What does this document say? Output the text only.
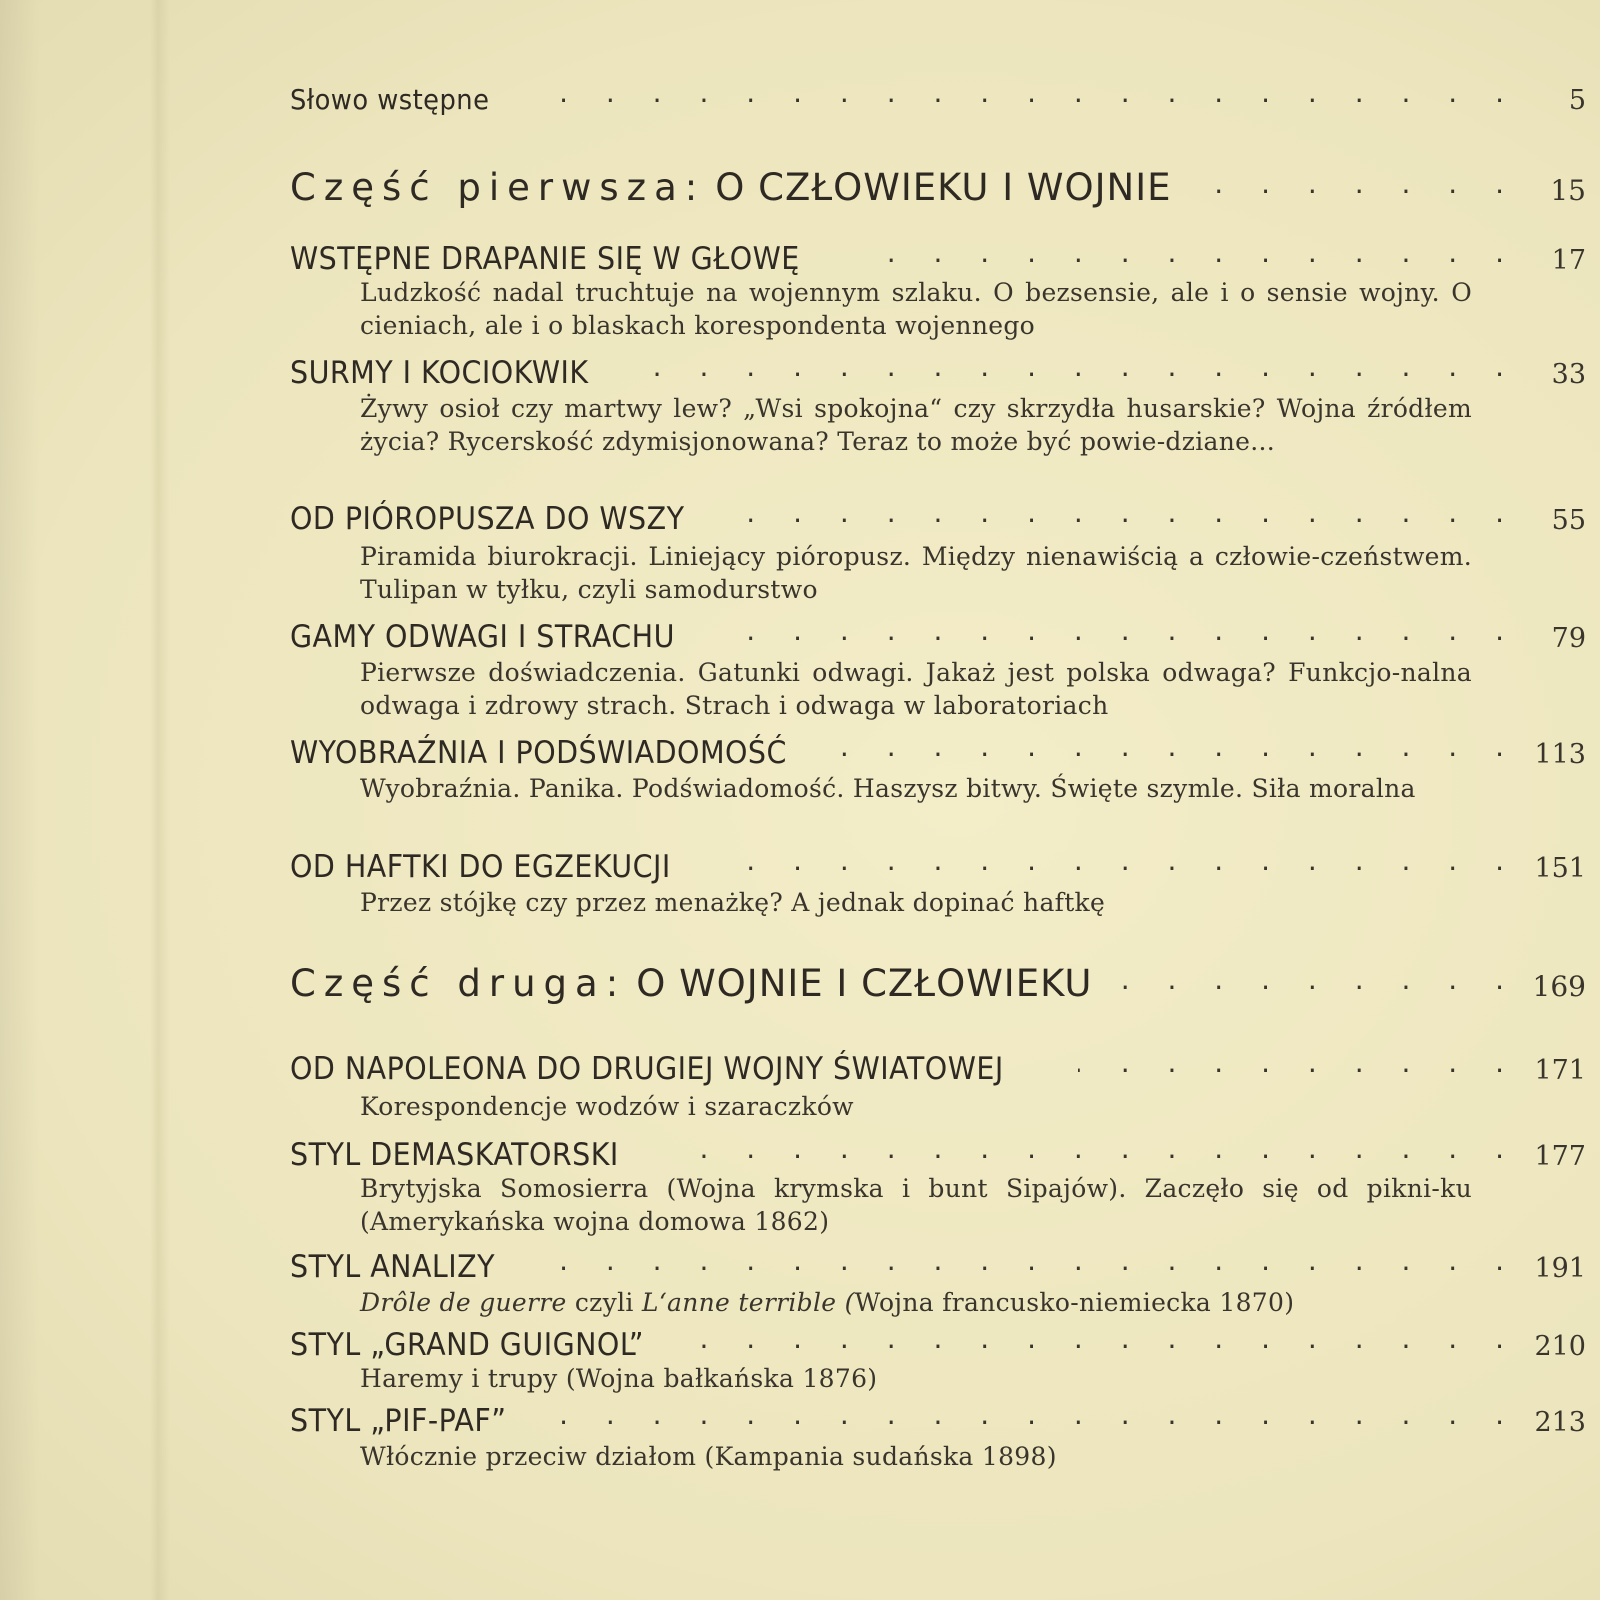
Słowo wstępne . . .	5
Część pierwsza: O CZŁOWIEKU I WOJNIE . . .	15
WSTĘPNE DRAPANIE SIĘ W GŁOWĘ . . .	17
Ludzkość nadal truchtuje na wojennym szlaku. O bezsensie, ale i o sensie wojny. O cieniach, ale i o blaskach korespondenta wojennego
SURMY I KOCIOKWIK . . .	33
Żywy osioł czy martwy lew? „Wsi spokojna“ czy skrzydła husarskie? Wojna źródłem życia? Rycerskość zdymisjonowana? Teraz to może być powie-dziane...
OD PIÓROPUSZA DO WSZY . . .	55
Piramida biurokracji. Liniejący pióropusz. Między nienawiścią a człowie-czeństwem. Tulipan w tyłku, czyli samodurstwo
GAMY ODWAGI I STRACHU . . .	79
Pierwsze doświadczenia. Gatunki odwagi. Jakaż jest polska odwaga? Funkcjo-nalna odwaga i zdrowy strach. Strach i odwaga w laboratoriach
WYOBRAŹNIA I PODŚWIADOMOŚĆ . . .	113
Wyobraźnia. Panika. Podświadomość. Haszysz bitwy. Święte szymle. Siła moralna
OD HAFTKI DO EGZEKUCJI . . .	151
Przez stójkę czy przez menażkę? A jednak dopinać haftkę
Część druga: O WOJNIE I CZŁOWIEKU . . .	169
OD NAPOLEONA DO DRUGIEJ WOJNY ŚWIATOWEJ . . .	171
Korespondencje wodzów i szaraczków
STYL DEMASKATORSKI . . .	177
Brytyjska Somosierra (Wojna krymska i bunt Sipajów). Zaczęło się od pikni-ku (Amerykańska wojna domowa 1862)
STYL ANALIZY . . .	191
Drôle de guerre czyli L‘anne terrible (Wojna francusko-niemiecka 1870)
STYL „GRAND GUIGNOL” . . .	210
Haremy i trupy (Wojna bałkańska 1876)
STYL „PIF-PAF” . . .	213
Włócznie przeciw działom (Kampania sudańska 1898)
